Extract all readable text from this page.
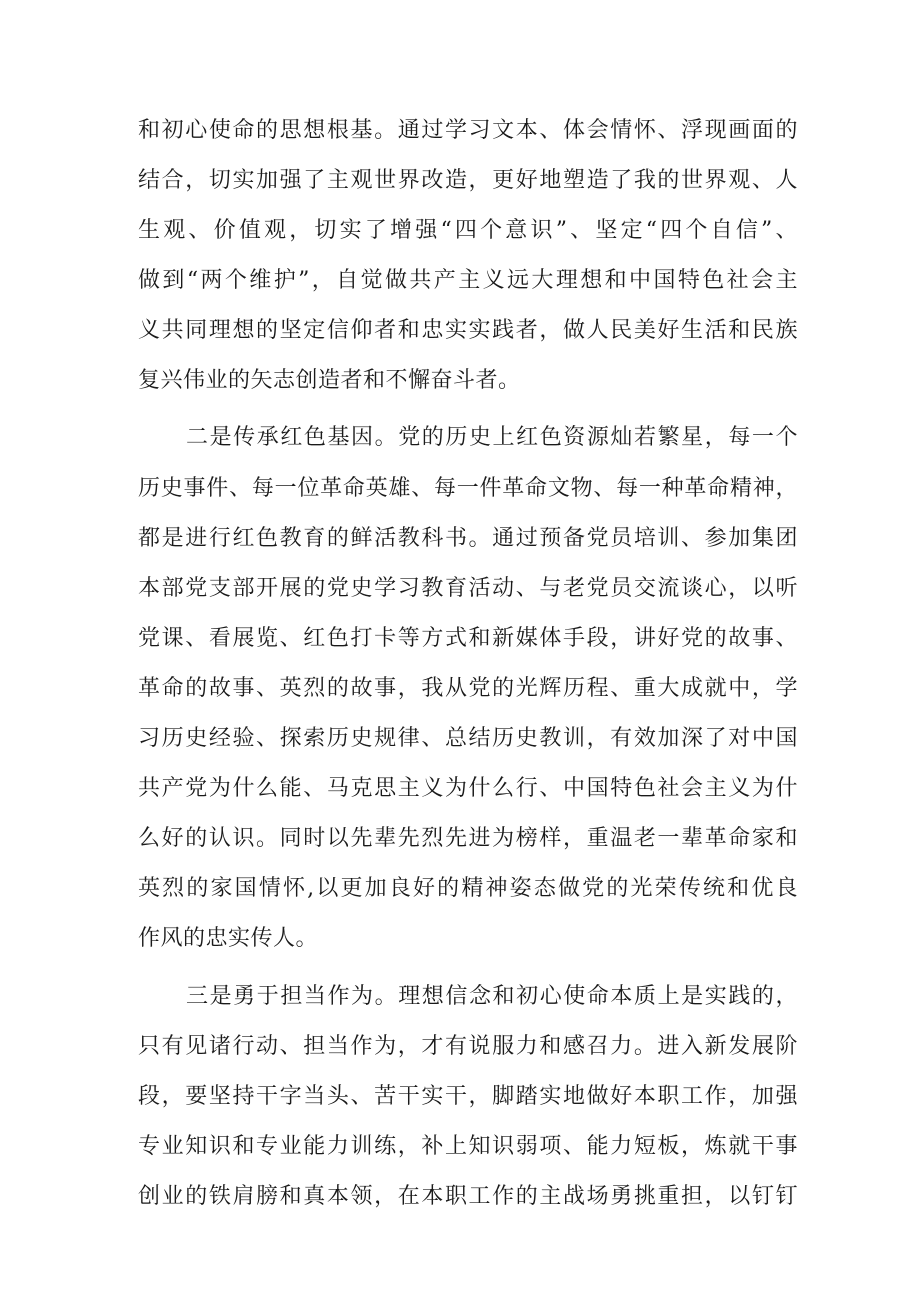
和初心使命的思想根基。通过学习文本、体会情怀、浮现画面的
结合，切实加强了主观世界改造，更好地塑造了我的世界观、人
生观、价值观，切实了增强“四个意识”、坚定“四个自信”、
做到“两个维护”，自觉做共产主义远大理想和中国特色社会主
义共同理想的坚定信仰者和忠实实践者，做人民美好生活和民族
复兴伟业的矢志创造者和不懈奋斗者。
二是传承红色基因。党的历史上红色资源灿若繁星，每一个
历史事件、每一位革命英雄、每一件革命文物、每一种革命精神，
都是进行红色教育的鲜活教科书。通过预备党员培训、参加集团
本部党支部开展的党史学习教育活动、与老党员交流谈心，以听
党课、看展览、红色打卡等方式和新媒体手段，讲好党的故事、
革命的故事、英烈的故事，我从党的光辉历程、重大成就中，学
习历史经验、探索历史规律、总结历史教训，有效加深了对中国
共产党为什么能、马克思主义为什么行、中国特色社会主义为什
么好的认识。同时以先辈先烈先进为榜样，重温老一辈革命家和
英烈的家国情怀,以更加良好的精神姿态做党的光荣传统和优良
作风的忠实传人。
三是勇于担当作为。理想信念和初心使命本质上是实践的，
只有见诸行动、担当作为，才有说服力和感召力。进入新发展阶
段，要坚持干字当头、苦干实干，脚踏实地做好本职工作，加强
专业知识和专业能力训练，补上知识弱项、能力短板，炼就干事
创业的铁肩膀和真本领，在本职工作的主战场勇挑重担，以钉钉
